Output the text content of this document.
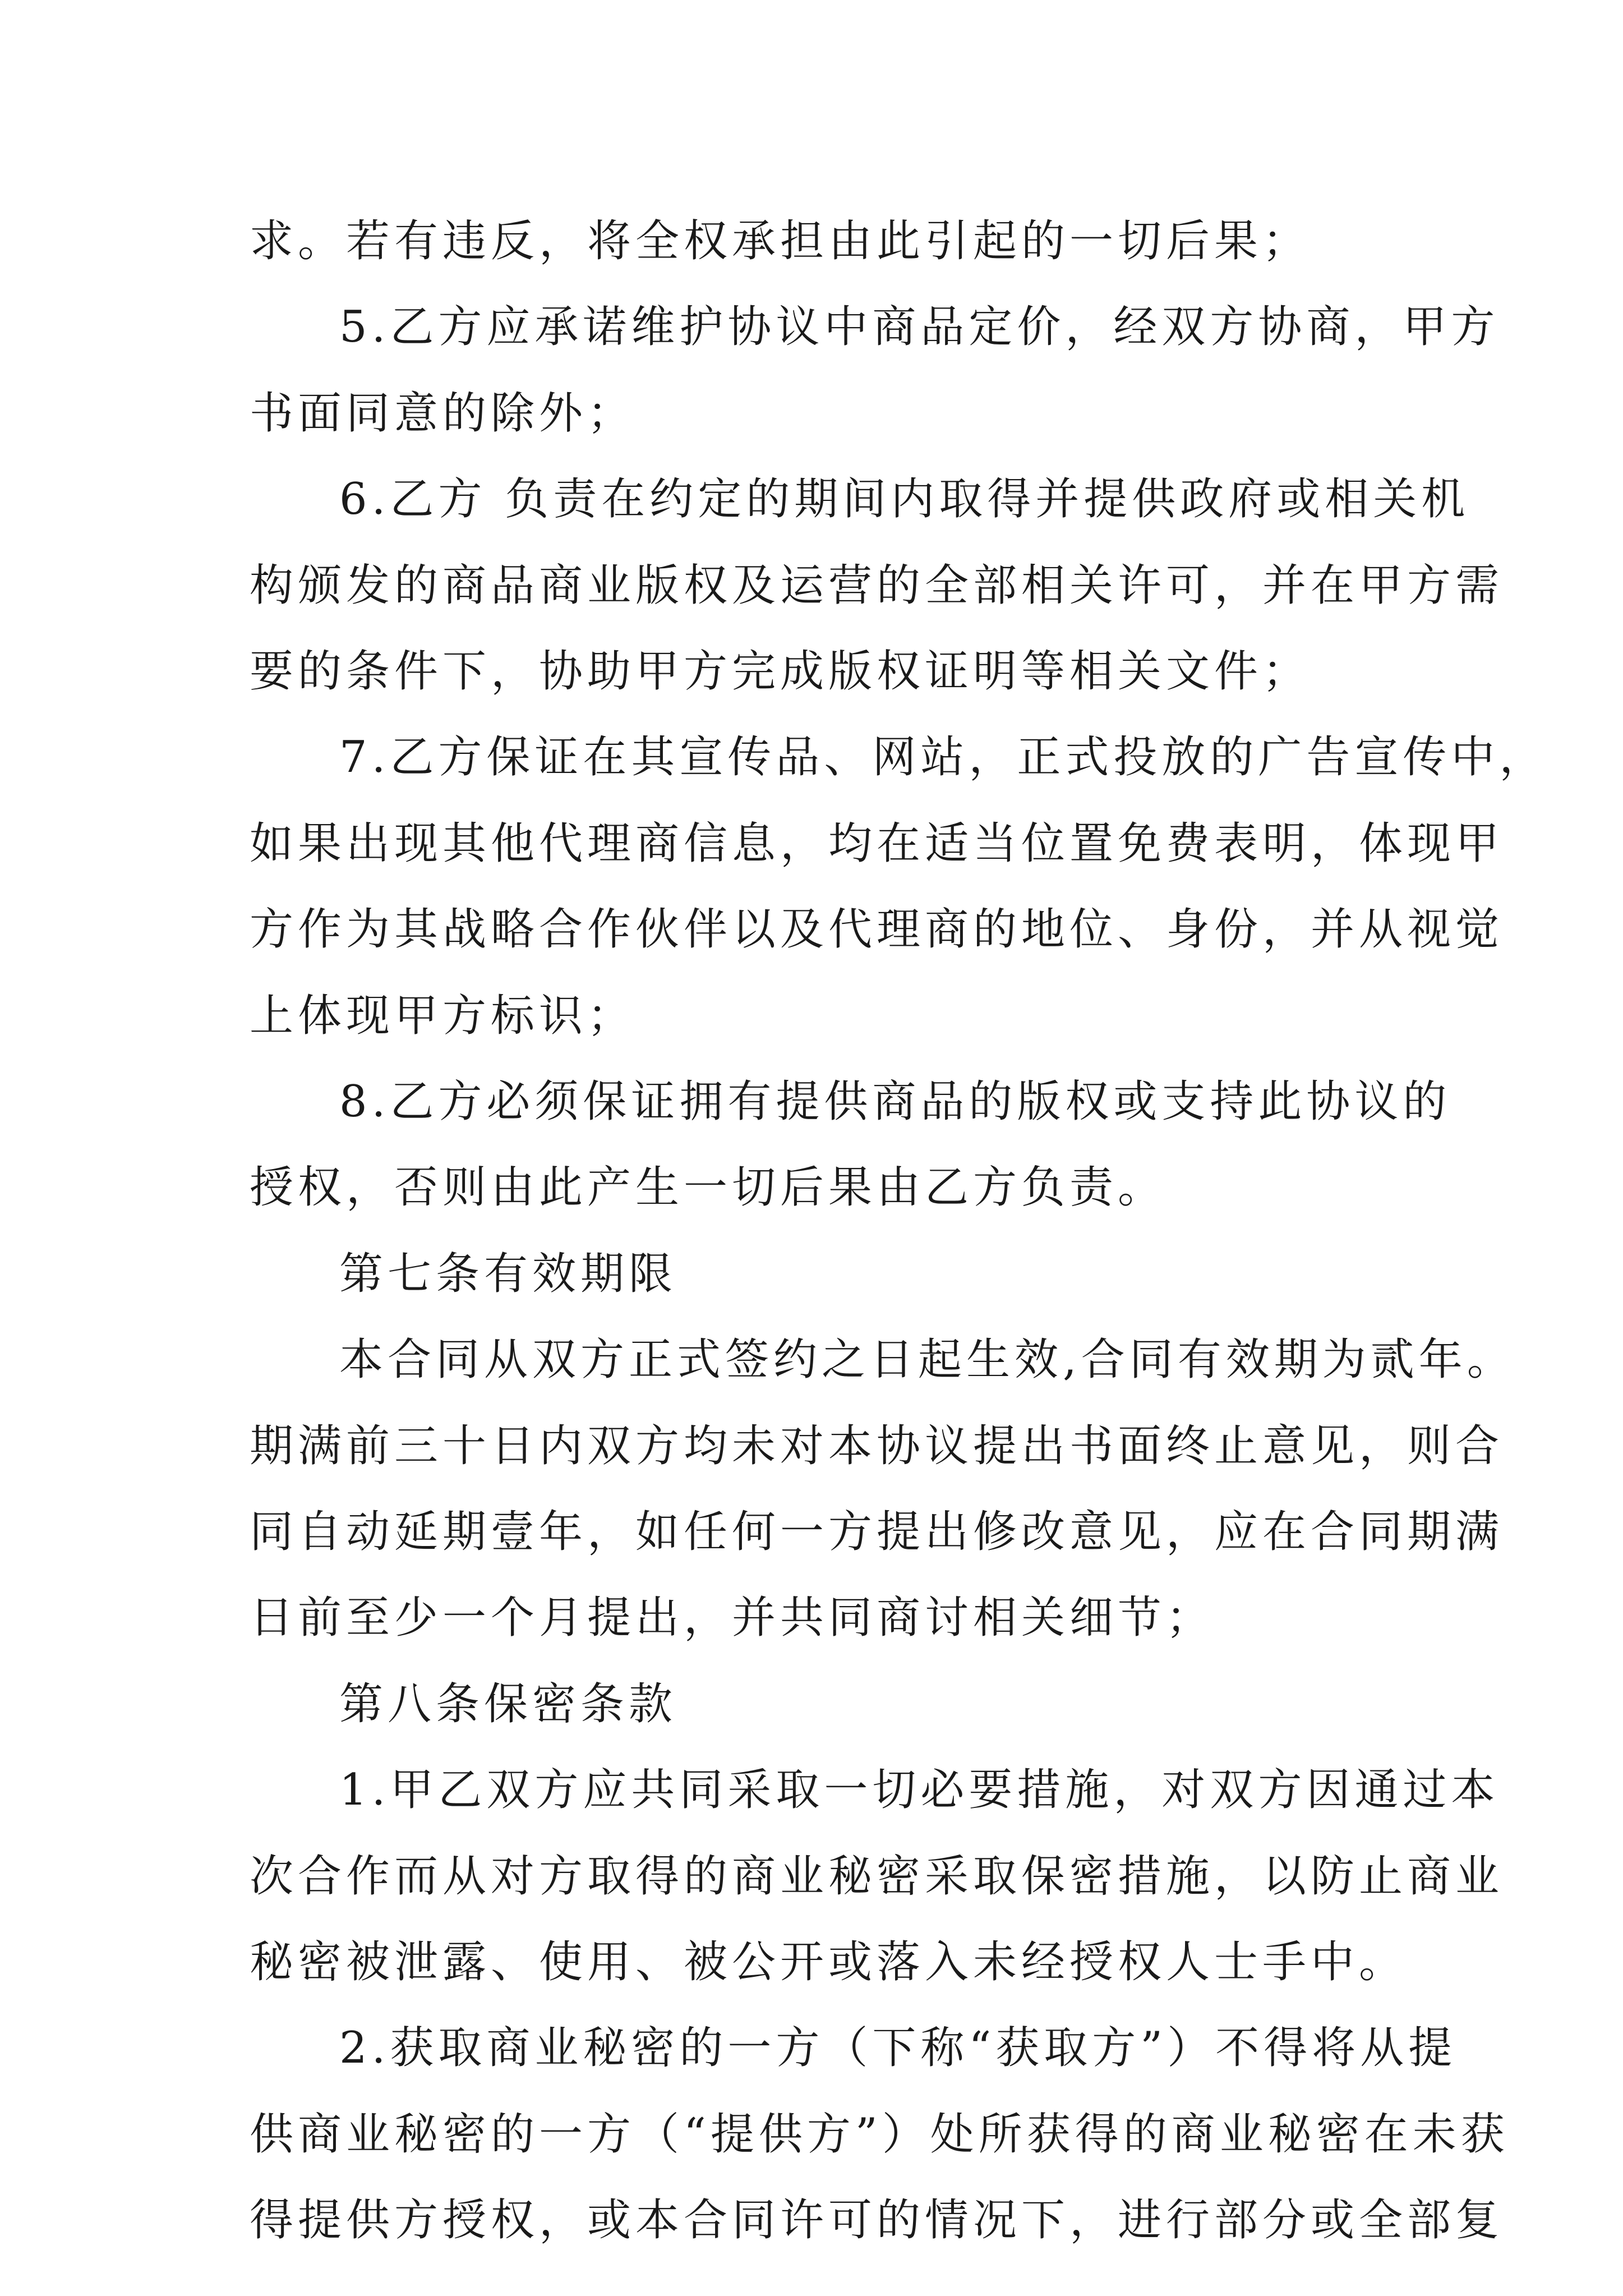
求。若有违反，将全权承担由此引起的一切后果；
5.乙方应承诺维护协议中商品定价，经双方协商，甲方
书面同意的除外；
6.乙方 负责在约定的期间内取得并提供政府或相关机
构颁发的商品商业版权及运营的全部相关许可，并在甲方需
要的条件下，协助甲方完成版权证明等相关文件；
7.乙方保证在其宣传品、网站，正式投放的广告宣传中，
如果出现其他代理商信息，均在适当位置免费表明，体现甲
方作为其战略合作伙伴以及代理商的地位、身份，并从视觉
上体现甲方标识；
8.乙方必须保证拥有提供商品的版权或支持此协议的
授权，否则由此产生一切后果由乙方负责。
第七条有效期限
本合同从双方正式签约之日起生效,合同有效期为贰年。
期满前三十日内双方均未对本协议提出书面终止意见，则合
同自动延期壹年，如任何一方提出修改意见，应在合同期满
日前至少一个月提出，并共同商讨相关细节；
第八条保密条款
1.甲乙双方应共同采取一切必要措施，对双方因通过本
次合作而从对方取得的商业秘密采取保密措施，以防止商业
秘密被泄露、使用、被公开或落入未经授权人士手中。
2.获取商业秘密的一方（下称“获取方”）不得将从提
供商业秘密的一方（“提供方”）处所获得的商业秘密在未获
得提供方授权，或本合同许可的情况下，进行部分或全部复
